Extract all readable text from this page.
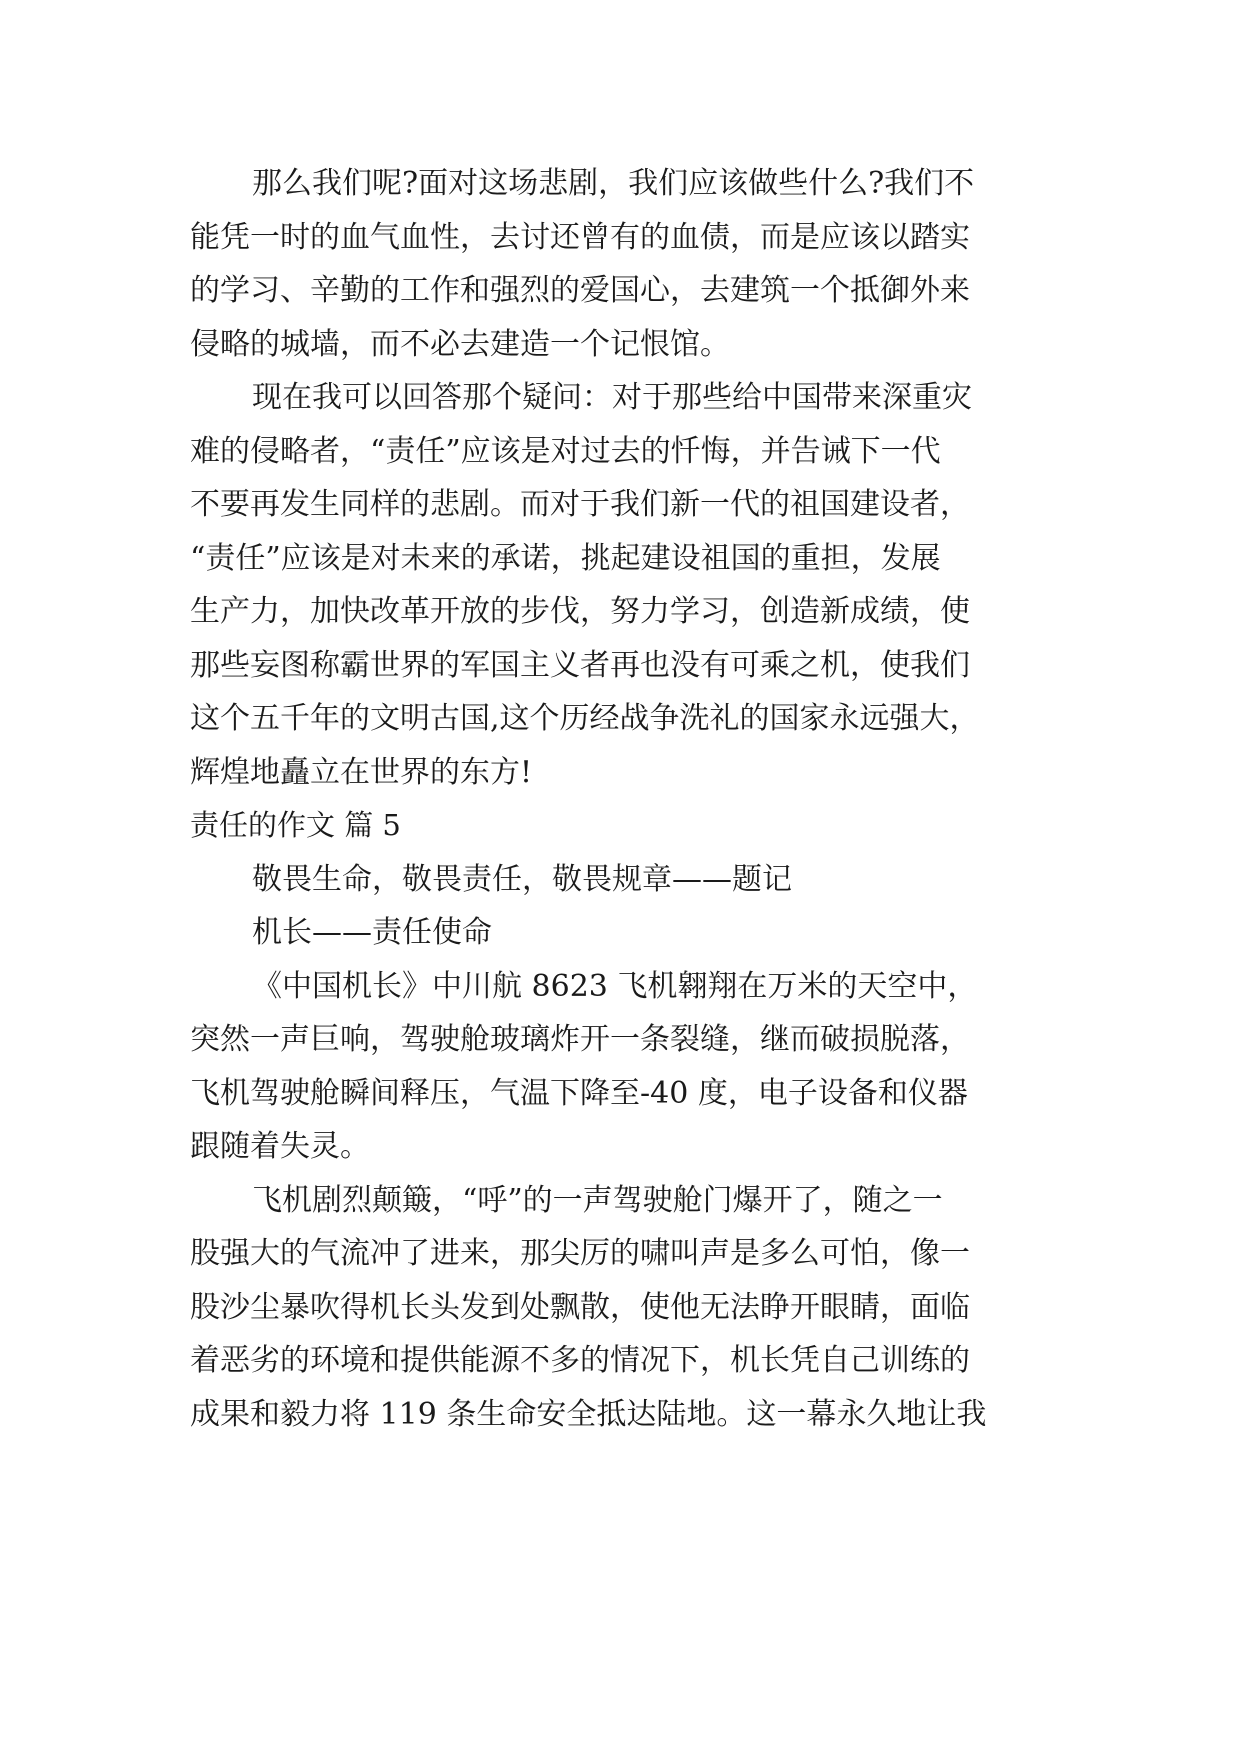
那么我们呢?面对这场悲剧，我们应该做些什么?我们不
能凭一时的血气血性，去讨还曾有的血债，而是应该以踏实
的学习、辛勤的工作和强烈的爱国心，去建筑一个抵御外来
侵略的城墙，而不必去建造一个记恨馆。
现在我可以回答那个疑问：对于那些给中国带来深重灾
难的侵略者，“责任”应该是对过去的忏悔，并告诫下一代
不要再发生同样的悲剧。而对于我们新一代的祖国建设者，
“责任”应该是对未来的承诺，挑起建设祖国的重担，发展
生产力，加快改革开放的步伐，努力学习，创造新成绩，使
那些妄图称霸世界的军国主义者再也没有可乘之机，使我们
这个五千年的文明古国,这个历经战争洗礼的国家永远强大，
辉煌地矗立在世界的东方!
责任的作文 篇 5
敬畏生命，敬畏责任，敬畏规章——题记
机长——责任使命
《中国机长》中川航 8623 飞机翱翔在万米的天空中，
突然一声巨响，驾驶舱玻璃炸开一条裂缝，继而破损脱落，
飞机驾驶舱瞬间释压，气温下降至-40 度，电子设备和仪器
跟随着失灵。
飞机剧烈颠簸，“呼”的一声驾驶舱门爆开了，随之一
股强大的气流冲了进来，那尖厉的啸叫声是多么可怕，像一
股沙尘暴吹得机长头发到处飘散，使他无法睁开眼睛，面临
着恶劣的环境和提供能源不多的情况下，机长凭自己训练的
成果和毅力将 119 条生命安全抵达陆地。这一幕永久地让我
